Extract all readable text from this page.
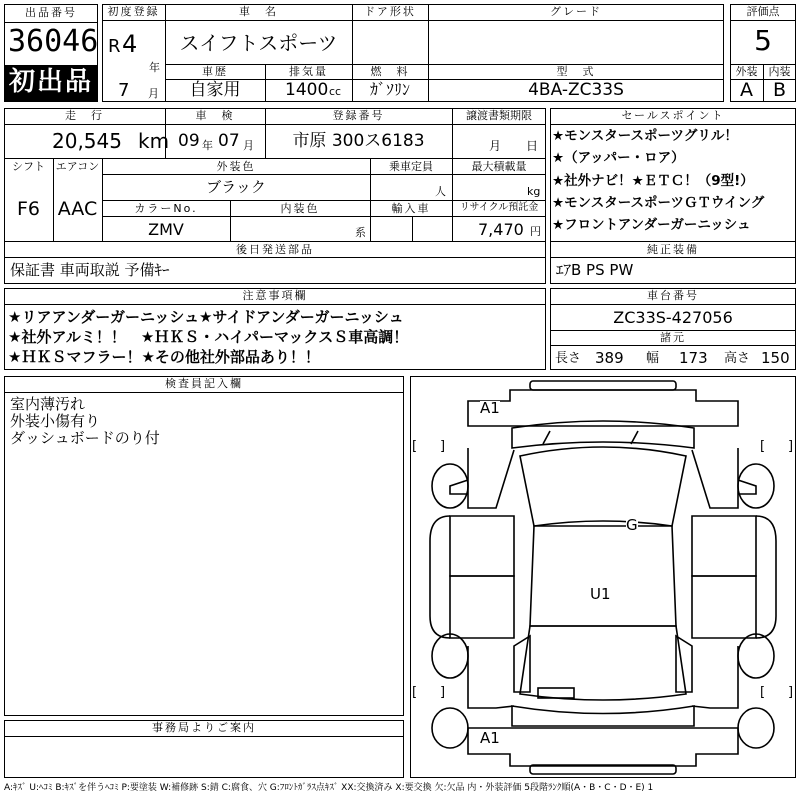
出品番号
36046
初出品
初度登録
R 4
年
7 月
車　名
スイフトスポーツ
ドア形状	グレード
車歴
自家用
排気量
1400 cc
燃　料
ｶﾞｿﾘﾝ
型　式
4BA-ZC33S
評価点
5
外装	内装
A	B
走　行
20,545 km
車　検
09 年 07 月
登録番号
市原 300ス6183
譲渡書類期限
月 日
シフト
F6
エアコン
AAC
外装色
ブラック
乗車定員
人
最大積載量
kg
カラーNo.
ZMV
内装色
系
輸入車	リサイクル預託金
7,470 円
後日発送部品
保証書 車両取説 予備ｷｰ
セールスポイント
★モンスタースポーツグリル！
★（アッパー・ロア）
★社外ナビ！★ＥＴＣ！（9型!）
★モンスタースポーツＧＴウイング
★フロントアンダーガーニッシュ
純正装備
ｴｱB PS PW
注意事項欄
★リアアンダーガーニッシュ★サイドアンダーガーニッシュ
★社外アルミ！！　★ＨＫＳ・ハイパーマックスＳ車高調！
★ＨＫＳマフラー！★その他社外部品あり！！
車台番号
ZC33S-427056
諸元
長さ 389 幅 173 高さ 150
検査員記入欄
室内薄汚れ
外装小傷有り
ダッシュボードのり付
事務局よりご案内
[ ]	[ ]
[ ]	[ ]
A1
G
U1
A1
A:ｷｽﾞ U:ﾍｺﾐ B:ｷｽﾞを伴うﾍｺﾐ P:要塗装 W:補修跡 S:錆 C:腐食、穴 G:ﾌﾛﾝﾄｶﾞﾗｽ点ｷｽﾞ XX:交換済み X:要交換 欠:欠品 内・外装評価 5段階ﾗﾝｸ順(A・B・C・D・E) 1
